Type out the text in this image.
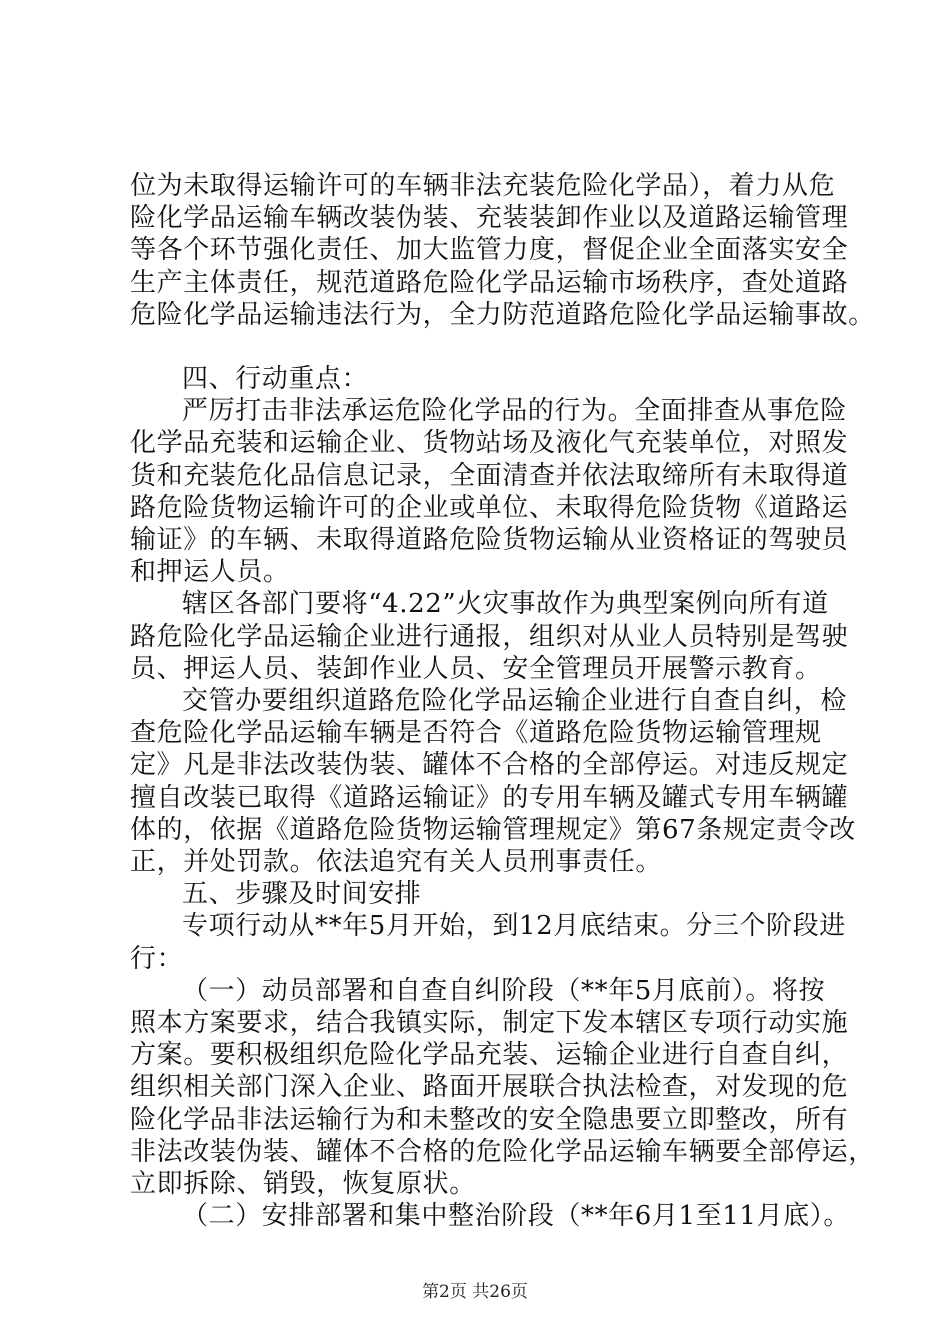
位为未取得运输许可的车辆非法充装危险化学品），着力从危
险化学品运输车辆改装伪装、充装装卸作业以及道路运输管理
等各个环节强化责任、加大监管力度，督促企业全面落实安全
生产主体责任，规范道路危险化学品运输市场秩序，查处道路
危险化学品运输违法行为，全力防范道路危险化学品运输事故。
四、行动重点：
严厉打击非法承运危险化学品的行为。全面排查从事危险
化学品充装和运输企业、货物站场及液化气充装单位，对照发
货和充装危化品信息记录，全面清查并依法取缔所有未取得道
路危险货物运输许可的企业或单位、未取得危险货物《道路运
输证》的车辆、未取得道路危险货物运输从业资格证的驾驶员
和押运人员。
辖区各部门要将“4.22”火灾事故作为典型案例向所有道
路危险化学品运输企业进行通报，组织对从业人员特别是驾驶
员、押运人员、装卸作业人员、安全管理员开展警示教育。
交管办要组织道路危险化学品运输企业进行自查自纠，检
查危险化学品运输车辆是否符合《道路危险货物运输管理规
定》凡是非法改装伪装、罐体不合格的全部停运。对违反规定
擅自改装已取得《道路运输证》的专用车辆及罐式专用车辆罐
体的，依据《道路危险货物运输管理规定》第67条规定责令改
正，并处罚款。依法追究有关人员刑事责任。
五、步骤及时间安排
专项行动从**年5月开始，到12月底结束。分三个阶段进
行：
（一）动员部署和自查自纠阶段（**年5月底前）。将按
照本方案要求，结合我镇实际，制定下发本辖区专项行动实施
方案。要积极组织危险化学品充装、运输企业进行自查自纠，
组织相关部门深入企业、路面开展联合执法检查，对发现的危
险化学品非法运输行为和未整改的安全隐患要立即整改，所有
非法改装伪装、罐体不合格的危险化学品运输车辆要全部停运，
立即拆除、销毁，恢复原状。
（二）安排部署和集中整治阶段（**年6月1至11月底）。
第2页 共26页
